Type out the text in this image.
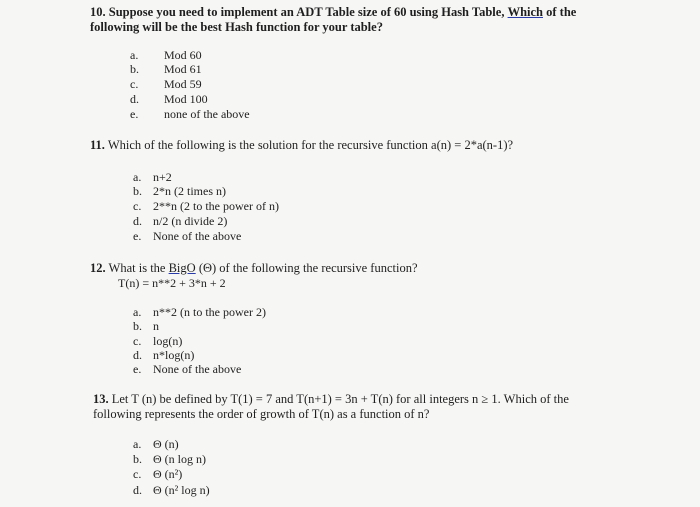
10. Suppose you need to implement an ADT Table size of 60 using Hash Table, Which of the
following will be the best Hash function for your table?
a. Mod 60
b. Mod 61
c. Mod 59
d. Mod 100
e. none of the above
11. Which of the following is the solution for the recursive function a(n) = 2*a(n-1)?
a. n+2
b. 2*n (2 times n)
c. 2**n (2 to the power of n)
d. n/2 (n divide 2)
e. None of the above
12. What is the BigO (Θ) of the following the recursive function?
T(n) = n**2 + 3*n + 2
a. n**2 (n to the power 2)
b. n
c. log(n)
d. n*log(n)
e. None of the above
13. Let T (n) be defined by T(1) = 7 and T(n+1) = 3n + T(n) for all integers n ≥ 1. Which of the
following represents the order of growth of T(n) as a function of n?
a. Θ (n)
b. Θ (n log n)
c. Θ (n²)
d. Θ (n² log n)
